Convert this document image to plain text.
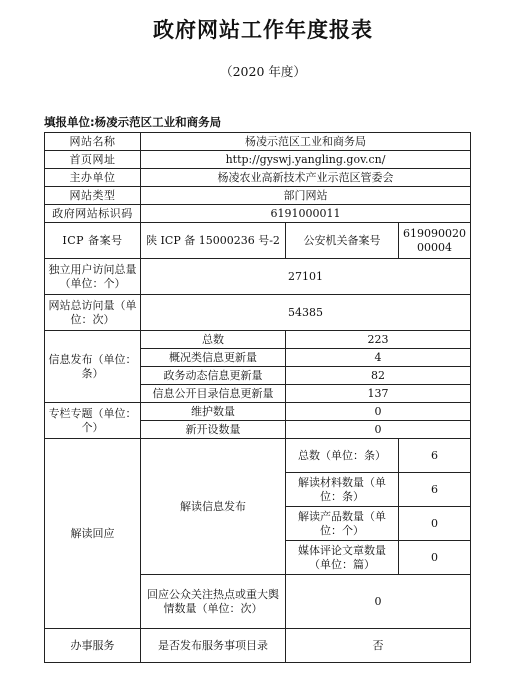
政府网站工作年度报表
（2020 年度）
填报单位:杨凌示范区工业和商务局
网站名称	杨凌示范区工业和商务局		
首页网址	http://gyswj.yangling.gov.cn/		
主办单位	杨凌农业高新技术产业示范区管委会		
网站类型	部门网站		
政府网站标识码	6191000011		
ICP 备案号	陕 ICP 备 15000236 号-2	公安机关备案号	61909002000004
独立用户访问总量（单位：个）	27101		
网站总访问量（单位：次）	54385		
信息发布（单位：条）	总数	223	
	概况类信息更新量	4	
	政务动态信息更新量	82	
	信息公开目录信息更新量	137	
专栏专题（单位：个）	维护数量	0	
	新开设数量	0	
解读回应	解读信息发布	总数（单位：条）	6
		解读材料数量（单位：条）	6
		解读产品数量（单位：个）	0
		媒体评论文章数量（单位：篇）	0
	回应公众关注热点或重大舆情数量（单位：次）	0	
办事服务	是否发布服务事项目录	否	
